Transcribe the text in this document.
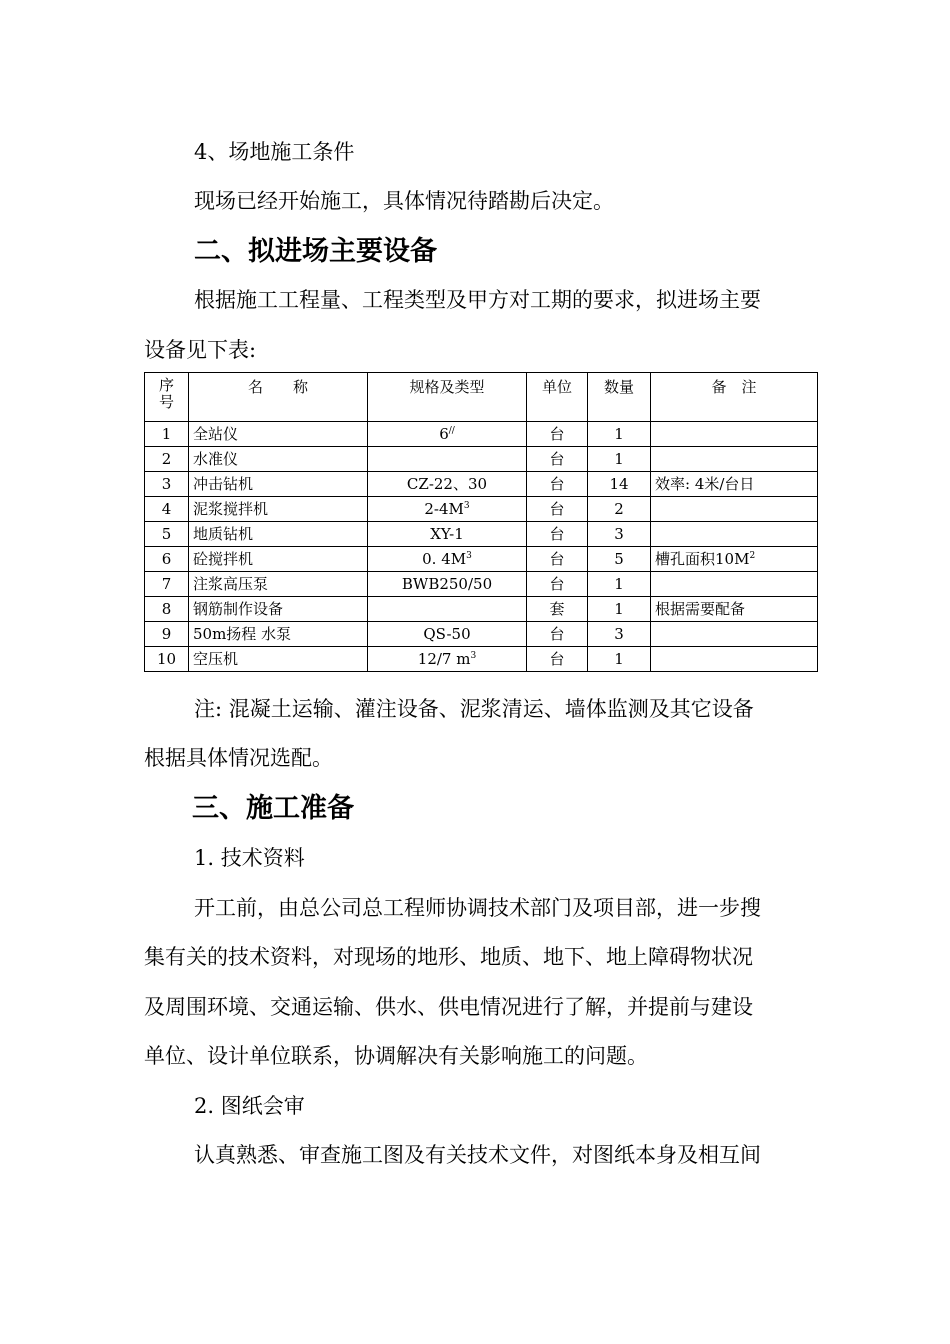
4、场地施工条件
现场已经开始施工，具体情况待踏勘后决定。
二、拟进场主要设备
根据施工工程量、工程类型及甲方对工期的要求，拟进场主要
设备见下表:
序
号	名　　称	规格及类型	单位	数量	备　注
1	全站仪	6//	台	1	
2	水准仪		台	1	
3	冲击钻机	CZ-22、30	台	14	效率: 4米/台日
4	泥浆搅拌机	$2-4M^3$	台	2	
5	地质钻机	XY-1	台	3	
6	砼搅拌机	0. $4M^3$	台	5	槽孔面积$10M^2$
7	注浆高压泵	BWB250/50	台	1	
8	钢筋制作设备		套	1	根据需要配备
9	50m扬程 水泵	QS-50	台	3	
10	空压机	12/7 $m^3$	台	1	
注: 混凝土运输、灌注设备、泥浆清运、墙体监测及其它设备
根据具体情况选配。
三、施工准备
1. 技术资料
开工前，由总公司总工程师协调技术部门及项目部，进一步搜
集有关的技术资料，对现场的地形、地质、地下、地上障碍物状况
及周围环境、交通运输、供水、供电情况进行了解，并提前与建设
单位、设计单位联系，协调解决有关影响施工的问题。
2. 图纸会审
认真熟悉、审查施工图及有关技术文件，对图纸本身及相互间
